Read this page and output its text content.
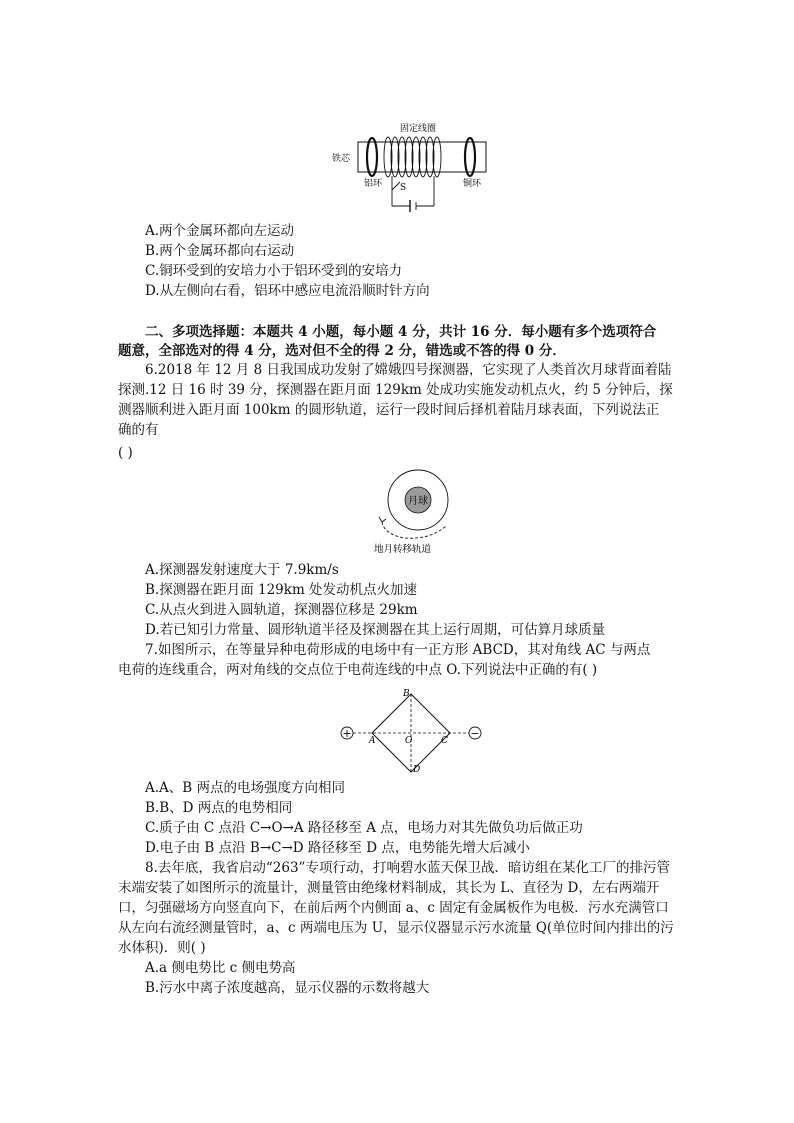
固定线圈
铁芯
铝环	铜环
S
A.两个金属环都向左运动
B.两个金属环都向右运动
C.铜环受到的安培力小于铝环受到的安培力
D.从左侧向右看，铝环中感应电流沿顺时针方向
二、多项选择题：本题共 4 小题，每小题 4 分，共计 16 分．每小题有多个选项符合
题意，全部选对的得 4 分，选对但不全的得 2 分，错选或不答的得 0 分．
6.2018 年 12 月 8 日我国成功发射了嫦娥四号探测器，它实现了人类首次月球背面着陆
探测.12 日 16 时 39 分，探测器在距月面 129km 处成功实施发动机点火，约 5 分钟后，探
测器顺利进入距月面 100km 的圆形轨道，运行一段时间后择机着陆月球表面，下列说法正
确的有
( )
月球
地月转移轨道
A.探测器发射速度大于 7.9km/s
B.探测器在距月面 129km 处发动机点火加速
C.从点火到进入圆轨道，探测器位移是 29km
D.若已知引力常量、圆形轨道半径及探测器在其上运行周期，可估算月球质量
7.如图所示，在等量异种电荷形成的电场中有一正方形 ABCD，其对角线 AC 与两点
电荷的连线重合，两对角线的交点位于电荷连线的中点 O.下列说法中正确的有( )
+	−
B
A	O	C
D
A.A、B 两点的电场强度方向相同
B.B、D 两点的电势相同
C.质子由 C 点沿 C→O→A 路径移至 A 点，电场力对其先做负功后做正功
D.电子由 B 点沿 B→C→D 路径移至 D 点，电势能先增大后减小
8.去年底，我省启动“263”专项行动，打响碧水蓝天保卫战．暗访组在某化工厂的排污管
末端安装了如图所示的流量计，测量管由绝缘材料制成，其长为 L、直径为 D，左右两端开
口，匀强磁场方向竖直向下，在前后两个内侧面 a、c 固定有金属板作为电极．污水充满管口
从左向右流经测量管时，a、c 两端电压为 U，显示仪器显示污水流量 Q(单位时间内排出的污
水体积)．则( )
A.a 侧电势比 c 侧电势高
B.污水中离子浓度越高，显示仪器的示数将越大
